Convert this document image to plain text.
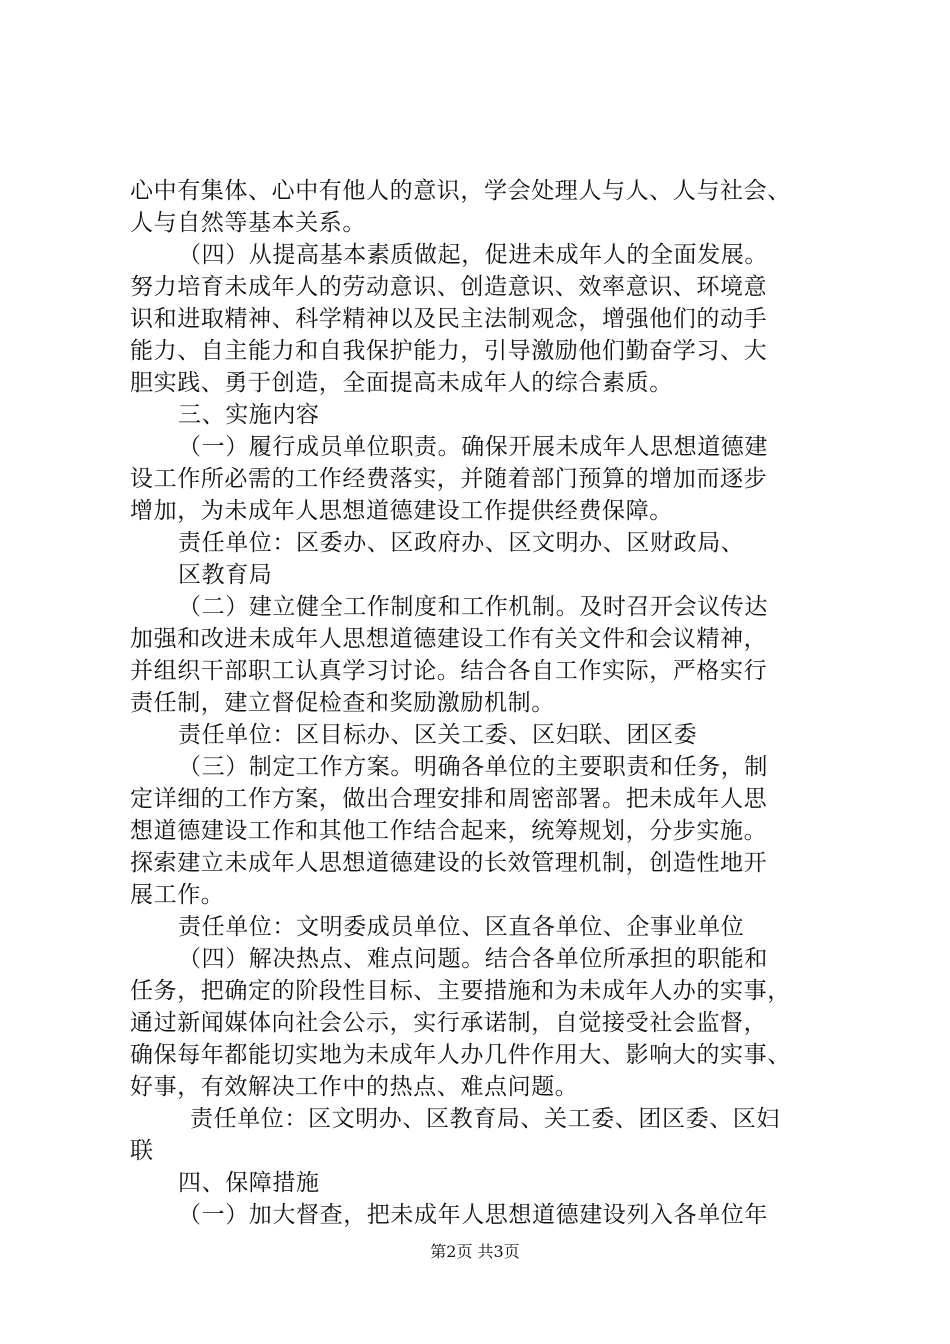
心中有集体、心中有他人的意识，学会处理人与人、人与社会、
人与自然等基本关系。
（四）从提高基本素质做起，促进未成年人的全面发展。
努力培育未成年人的劳动意识、创造意识、效率意识、环境意
识和进取精神、科学精神以及民主法制观念，增强他们的动手
能力、自主能力和自我保护能力，引导激励他们勤奋学习、大
胆实践、勇于创造，全面提高未成年人的综合素质。
三、实施内容
（一）履行成员单位职责。确保开展未成年人思想道德建
设工作所必需的工作经费落实，并随着部门预算的增加而逐步
增加，为未成年人思想道德建设工作提供经费保障。
责任单位：区委办、区政府办、区文明办、区财政局、
区教育局
（二）建立健全工作制度和工作机制。及时召开会议传达
加强和改进未成年人思想道德建设工作有关文件和会议精神，
并组织干部职工认真学习讨论。结合各自工作实际，严格实行
责任制，建立督促检查和奖励激励机制。
责任单位：区目标办、区关工委、区妇联、团区委
（三）制定工作方案。明确各单位的主要职责和任务，制
定详细的工作方案，做出合理安排和周密部署。把未成年人思
想道德建设工作和其他工作结合起来，统筹规划，分步实施。
探索建立未成年人思想道德建设的长效管理机制，创造性地开
展工作。
责任单位：文明委成员单位、区直各单位、企事业单位
（四）解决热点、难点问题。结合各单位所承担的职能和
任务，把确定的阶段性目标、主要措施和为未成年人办的实事，
通过新闻媒体向社会公示，实行承诺制，自觉接受社会监督，
确保每年都能切实地为未成年人办几件作用大、影响大的实事、
好事，有效解决工作中的热点、难点问题。
责任单位：区文明办、区教育局、关工委、团区委、区妇
联
四、保障措施
（一）加大督查，把未成年人思想道德建设列入各单位年
第2页 共3页
